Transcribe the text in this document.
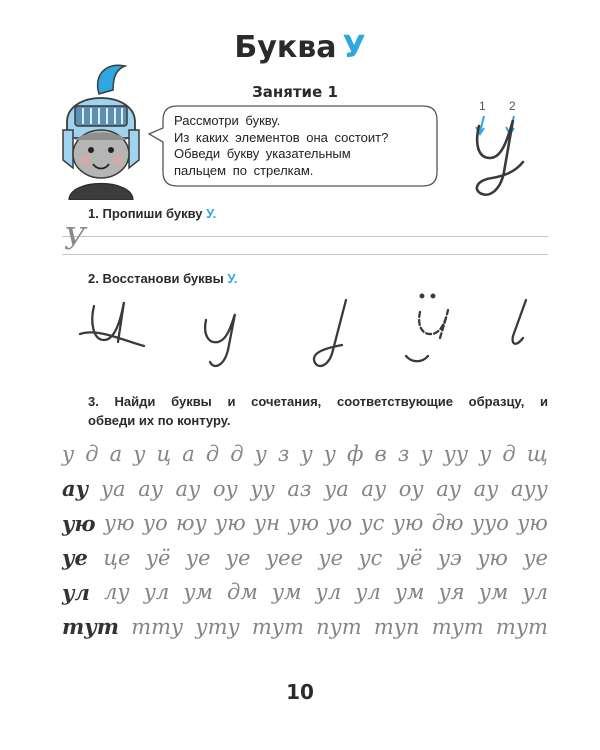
Буква У
Занятие 1
Рассмотри букву.
Из каких элементов она состоит?
Обведи букву указательным
пальцем по стрелкам.
1 2
1. Пропиши букву У.
У
2. Восстанови буквы У.
3. Найди буквы и сочетания, соответствующие образцу, и
обведи их по контуру.
у д а у ц а д д у з у у ф в з у уу у д щ
ау уа ау ау оу уу аз уа ау оу ау ау ауу
ую ую уо юу ую ун ую уо ус ую дю ууо ую
уе це уё уе уе уее уе ус уё уэ ую уе
ул лу ул ум дм ум ул ул ум уя ум ул
тут тту уту тут пут туп тут тут
10
